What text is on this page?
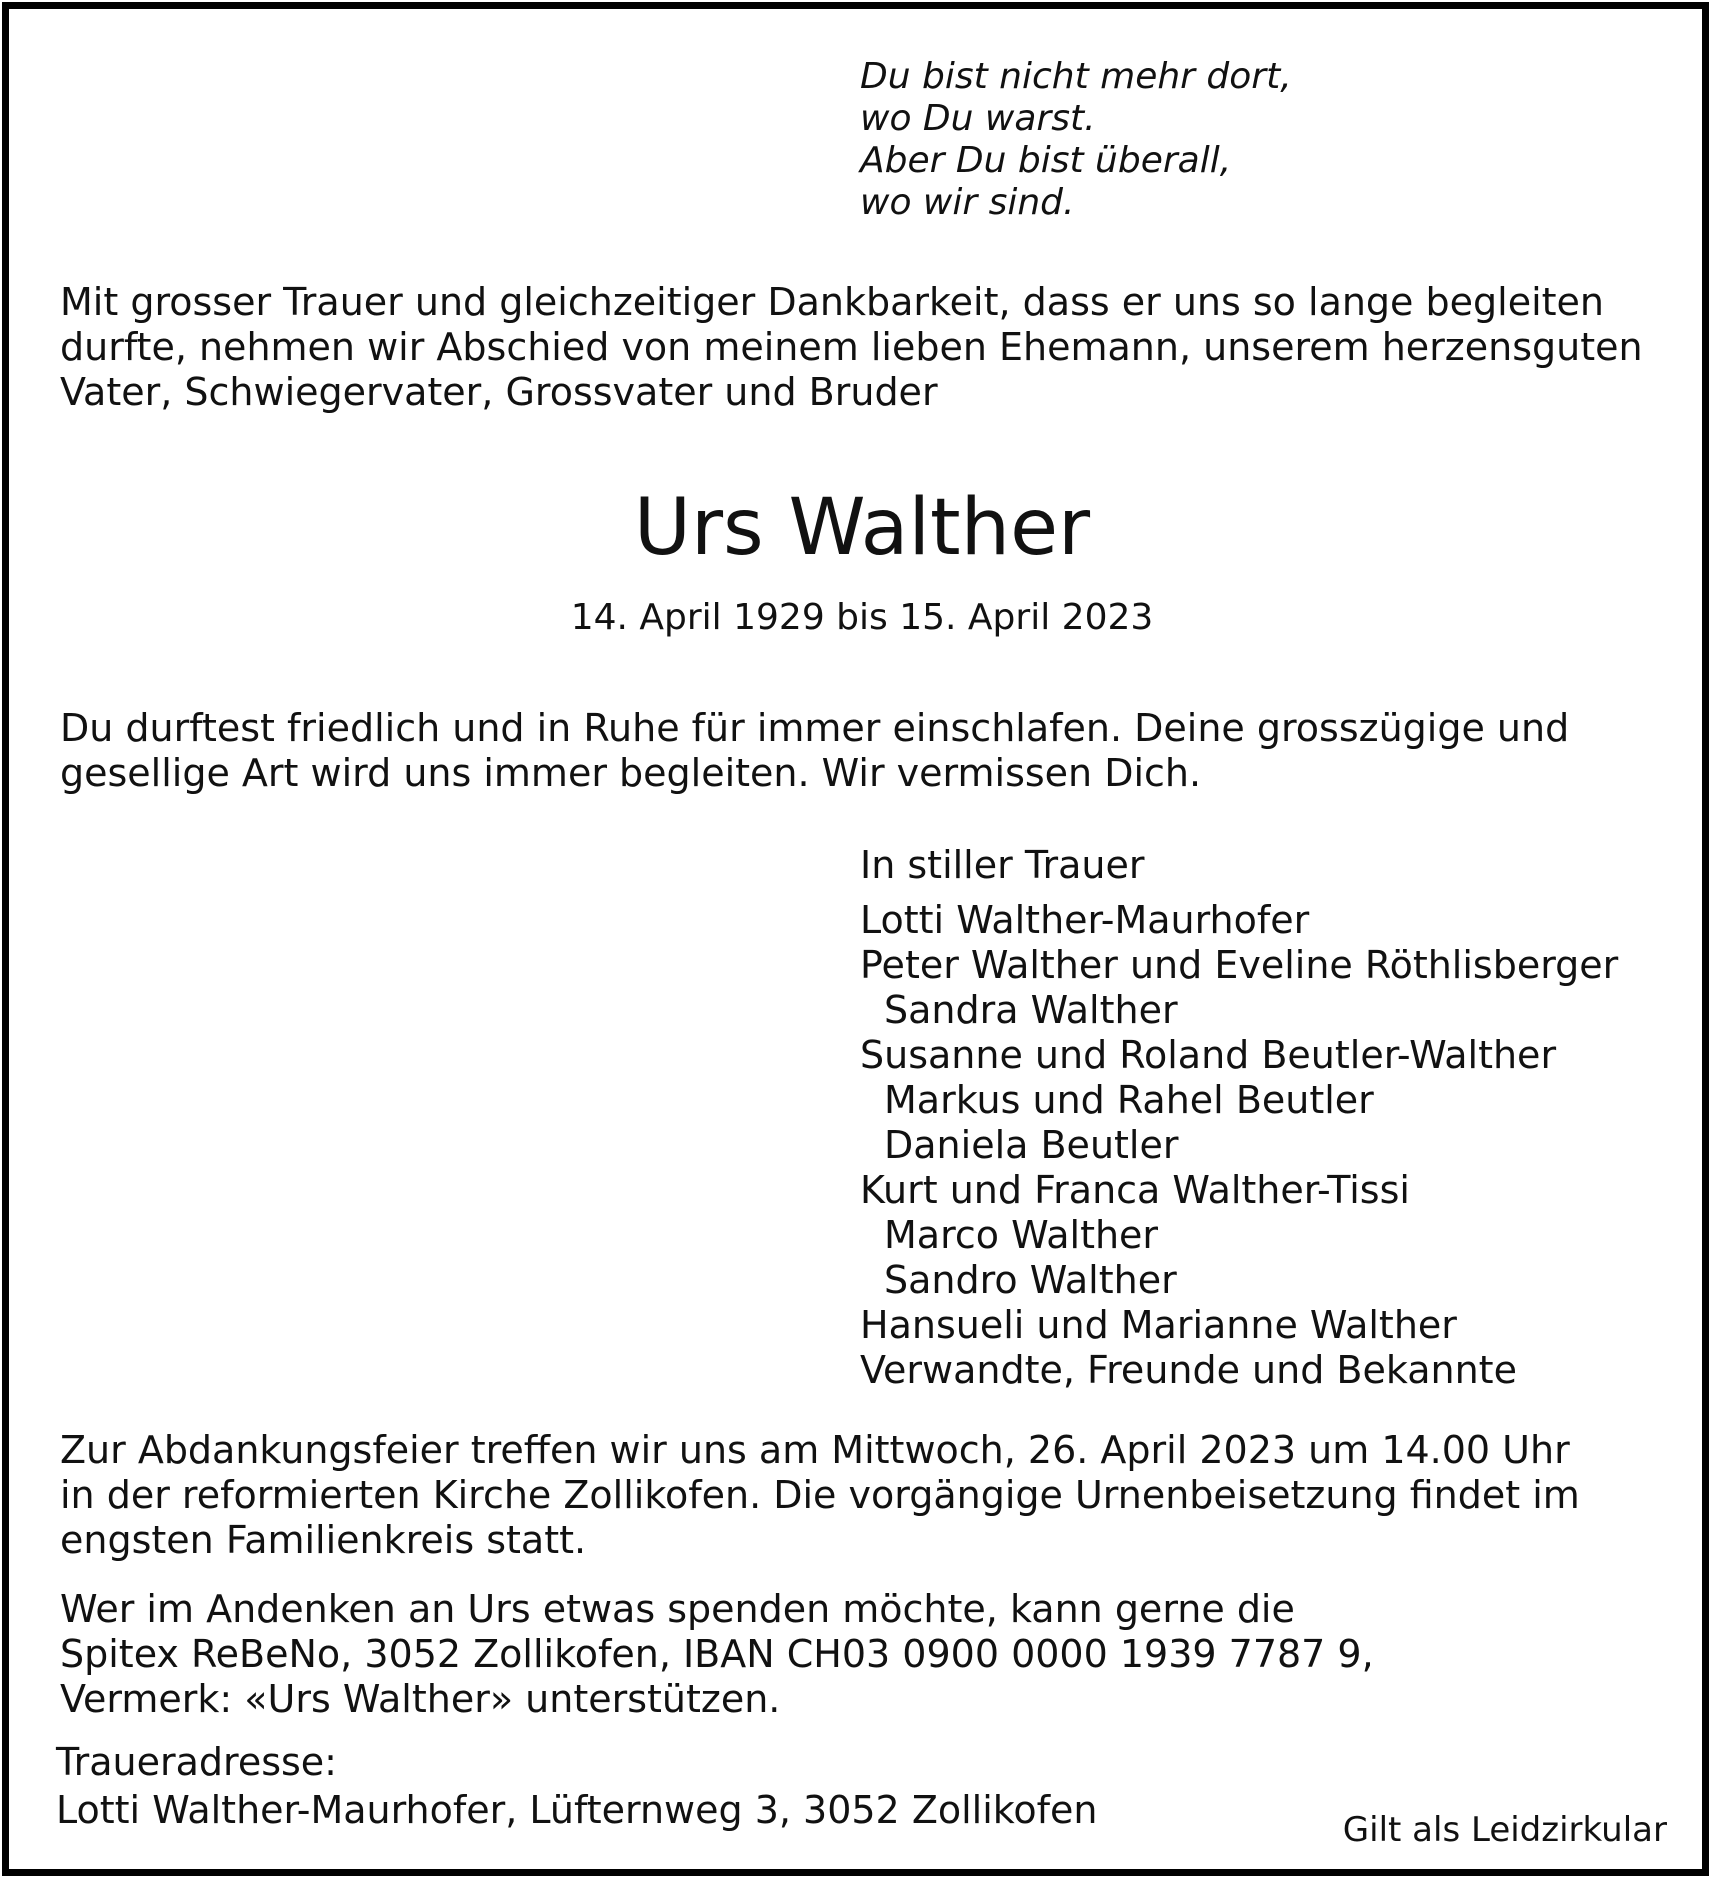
Du bist nicht mehr dort,
wo Du warst.
Aber Du bist überall,
wo wir sind.
Mit grosser Trauer und gleichzeitiger Dankbarkeit, dass er uns so lange begleiten
durfte, nehmen wir Abschied von meinem lieben Ehemann, unserem herzensguten
Vater, Schwiegervater, Grossvater und Bruder
Urs Walther
14. April 1929 bis 15. April 2023
Du durftest friedlich und in Ruhe für immer einschlafen. Deine grosszügige und
gesellige Art wird uns immer begleiten. Wir vermissen Dich.
In stiller Trauer
Lotti Walther-Maurhofer
Peter Walther und Eveline Röthlisberger
Sandra Walther
Susanne und Roland Beutler-Walther
Markus und Rahel Beutler
Daniela Beutler
Kurt und Franca Walther-Tissi
Marco Walther
Sandro Walther
Hansueli und Marianne Walther
Verwandte, Freunde und Bekannte
Zur Abdankungsfeier treffen wir uns am Mittwoch, 26. April 2023 um 14.00 Uhr
in der reformierten Kirche Zollikofen. Die vorgängige Urnenbeisetzung findet im
engsten Familienkreis statt.
Wer im Andenken an Urs etwas spenden möchte, kann gerne die
Spitex ReBeNo, 3052 Zollikofen, IBAN CH03 0900 0000 1939 7787 9,
Vermerk: «Urs Walther» unterstützen.
Traueradresse:
Lotti Walther-Maurhofer, Lüfternweg 3, 3052 Zollikofen	Gilt als Leidzirkular
